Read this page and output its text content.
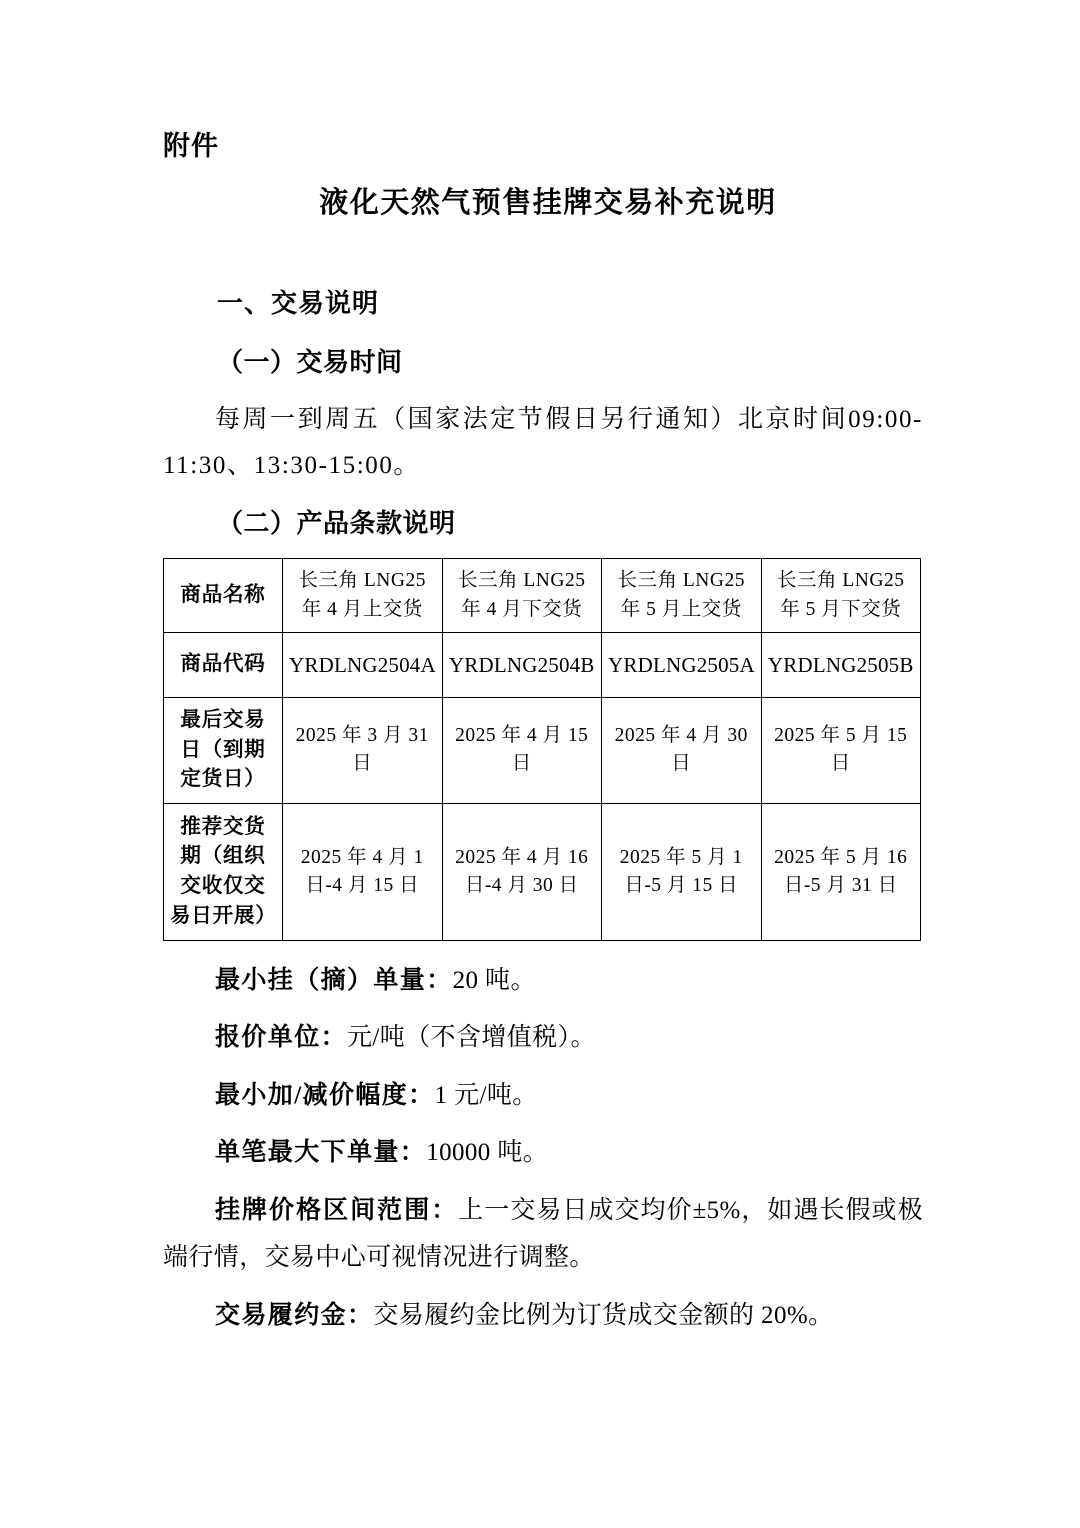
附件
液化天然气预售挂牌交易补充说明
一、交易说明
（一）交易时间
每周一到周五（国家法定节假日另行通知）北京时间09:00-11:30、13:30-15:00。
（二）产品条款说明
商品名称	长三角 LNG25 年 4 月上交货	长三角 LNG25 年 4 月下交货	长三角 LNG25 年 5 月上交货	长三角 LNG25 年 5 月下交货
商品代码	YRDLNG2504A	YRDLNG2504B	YRDLNG2505A	YRDLNG2505B
最后交易日（到期定货日）	2025 年 3 月 31 日	2025 年 4 月 15 日	2025 年 4 月 30 日	2025 年 5 月 15 日
推荐交货期（组织交收仅交易日开展）	2025 年 4 月 1 日-4 月 15 日	2025 年 4 月 16 日-4 月 30 日	2025 年 5 月 1 日-5 月 15 日	2025 年 5 月 16 日-5 月 31 日
最小挂（摘）单量：20 吨。
报价单位：元/吨（不含增值税）。
最小加/减价幅度：1 元/吨。
单笔最大下单量：10000 吨。
挂牌价格区间范围：上一交易日成交均价±5%，如遇长假或极端行情，交易中心可视情况进行调整。
交易履约金：交易履约金比例为订货成交金额的 20%。
